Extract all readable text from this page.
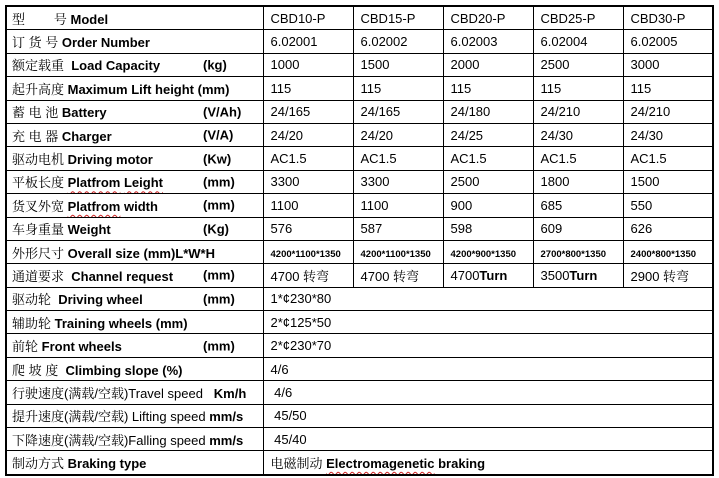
型        号 Model	CBD10-P	CBD15-P	CBD20-P	CBD25-P	CBD30-P
订 货 号 Order Number	6.02001	6.02002	6.02003	6.02004	6.02005
额定载重  Load Capacity (kg)	1000	1500	2000	2500	3000
起升高度 Maximum Lift height (mm)	115	115	115	115	115
蓄 电 池 Battery (V/Ah)	24/165	24/165	24/180	24/210	24/210
充 电 器 Charger (V/A)	24/20	24/20	24/25	24/30	24/30
驱动电机 Driving motor (Kw)	AC1.5	AC1.5	AC1.5	AC1.5	AC1.5
平板长度 Platfrom Leight (mm)	3300	3300	2500	1800	1500
货叉外宽 Platfrom width (mm)	1100	1100	900	685	550
车身重量 Weight (Kg)	576	587	598	609	626
外形尺寸 Overall size (mm)L*W*H	4200*1100*1350	4200*1100*1350	4200*900*1350	2700*800*1350	2400*800*1350
通道要求  Channel request (mm)	4700 转弯	4700 转弯	4700Turn	3500Turn	2900 转弯
驱动轮  Driving wheel (mm)	1*¢230*80				
辅助轮 Training wheels (mm)	2*¢125*50				
前轮 Front wheels (mm)	2*¢230*70				
爬 坡 度  Climbing slope (%)	4/6				
行驶速度(满载/空载)Travel speed   Km/h	4/6				
提升速度(满载/空载) Lifting speed mm/s	45/50				
下降速度(满载/空载)Falling speed mm/s	45/40				
制动方式 Braking type	电磁制动 Electromagenetic braking				
